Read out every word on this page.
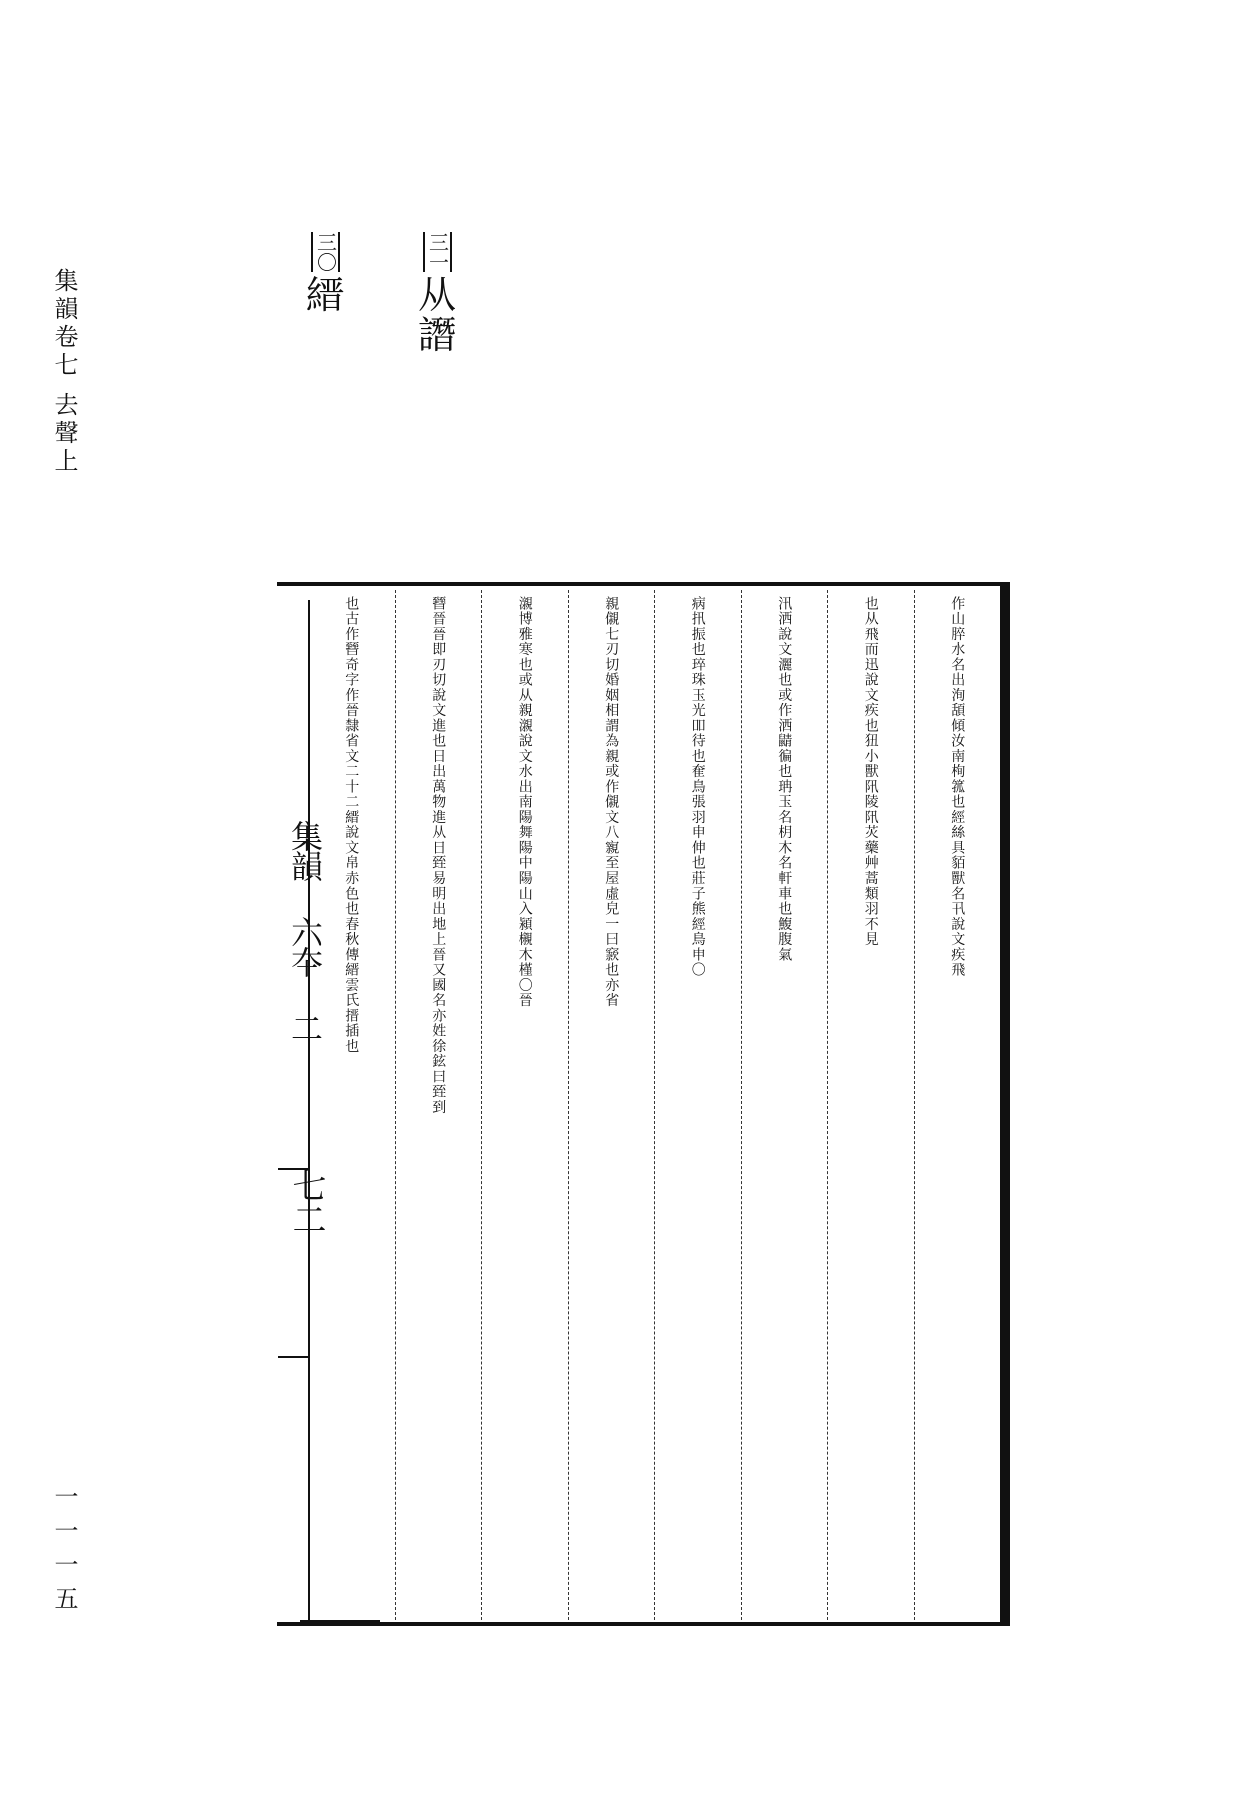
集韻卷七
去聲上
一一一五
三一
从
譖
三〇
縉
集韻 六夲 二
七二
作山脺水名出洵頢傾汝南栒箛也經絲具貊獸名卂說文疾飛
也从飛而迅說文疾也狃小獸阠陵阠苂藥艸蒿類羽不見
汛洒說文灑也或作洒鼱徧也珃玉名枂木名軒車也鰒腹氣
病扟振也琗珠玉光吅待也奞鳥張羽申伸也莊子熊經鳥申〇
親儭七刃切婚姻相謂為親或作儭文八寴至屋虛皃一曰窾也亦省
瀙博雅寒也或从親瀙說文水出南陽舞陽中陽山入潁櫬木槿〇晉
㬜晉晉即刃切說文進也日出萬物進从日臸易明出地上晉又國名亦姓徐鉉曰臸到
也古作㬜奇字作晉隸省文二十二縉說文帛赤色也春秋傳縉雲氏搢插也
